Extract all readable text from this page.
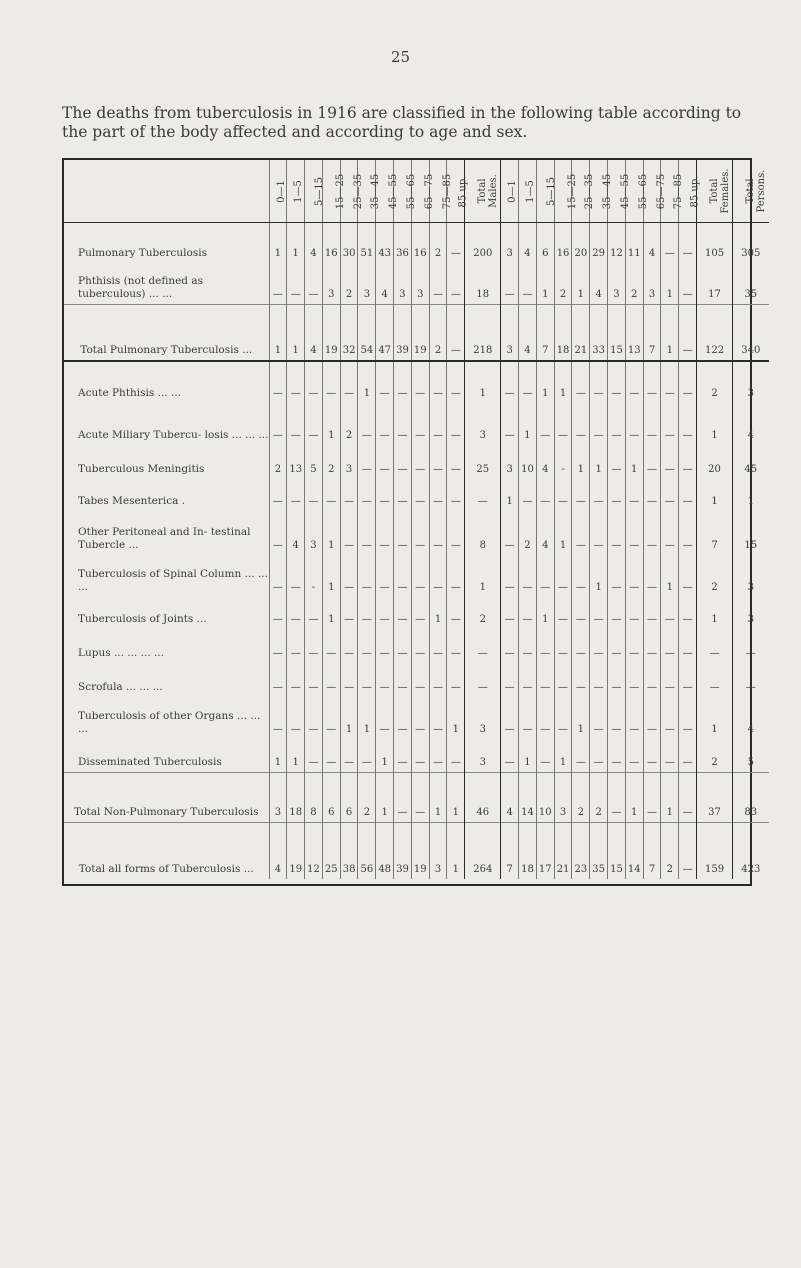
25
The deaths from tuberculosis in 1916 are classified in the following table according to the part of the body affected and according to age and sex.
	0—1	1—5	5—15	15—25	25—35	35—45	45—55	55—65	65—75	75—85	85 up.	Total Males.	0—1	1—5	5—15	15—25	25—35	35—45	45—55	55—65	65—75	75—85	85 up.	Total Females.	Total Persons.
Pulmonary Tuberculosis	1	1	4	16	30	51	43	36	16	2	—	200	3	4	6	16	20	29	12	11	4	—	—	105	305
Phthisis (not defined as tuberculous) ... ...	—	—	—	3	2	3	4	3	3	—	—	18	—	—	1	2	1	4	3	2	3	1	—	17	35
Total Pulmonary Tuberculosis ...	1	1	4	19	32	54	47	39	19	2	—	218	3	4	7	18	21	33	15	13	7	1	—	122	340
Acute Phthisis ... ...	—	—	—	—	—	1	—	—	—	—	—	1	—	—	1	1	—	—	—	—	—	—	—	2	3
Acute Miliary Tubercu- losis ... ... ...	—	—	—	1	2	—	—	—	—	—	—	3	—	1	—	—	—	—	—	—	—	—	—	1	4
Tuberculous Meningitis	2	13	5	2	3	—	—	—	—	—	—	25	3	10	4	-	1	1	—	1	—	—	—	20	45
Tabes Mesenterica .	—	—	—	—	—	—	—	—	—	—	—	—	1	—	—	—	—	—	—	—	—	—	—	1	1
Other Peritoneal and In- testinal Tubercle ...	—	4	3	1	—	—	—	—	—	—	—	8	—	2	4	1	—	—	—	—	—	—	—	7	15
Tuberculosis of Spinal Column ... ... ...	—	—	-	1	—	—	—	—	—	—	—	1	—	—	—	—	—	1	—	—	—	1	—	2	3
Tuberculosis of Joints ...	—	—	—	1	—	—	—	—	—	1	—	2	—	—	1	—	—	—	—	—	—	—	—	1	3
Lupus ... ... ... ...	—	—	—	—	—	—	—	—	—	—	—	—	—	—	—	—	—	—	—	—	—	—	—	—	—
Scrofula ... ... ...	—	—	—	—	—	—	—	—	—	—	—	—	—	—	—	—	—	—	—	—	—	—	—	—	—
Tuberculosis of other Organs ... ... ...	—	—	—	—	1	1	—	—	—	—	1	3	—	—	—	—	1	—	—	—	—	—	—	1	4
Disseminated Tuberculosis	1	1	—	—	—	—	1	—	—	—	—	3	—	1	—	1	—	—	—	—	—	—	—	2	5
Total Non-Pulmonary Tuberculosis	3	18	8	6	6	2	1	—	—	1	1	46	4	14	10	3	2	2	—	1	—	1	—	37	83
Total all forms of Tuberculosis ...	4	19	12	25	38	56	48	39	19	3	1	264	7	18	17	21	23	35	15	14	7	2	—	159	423
